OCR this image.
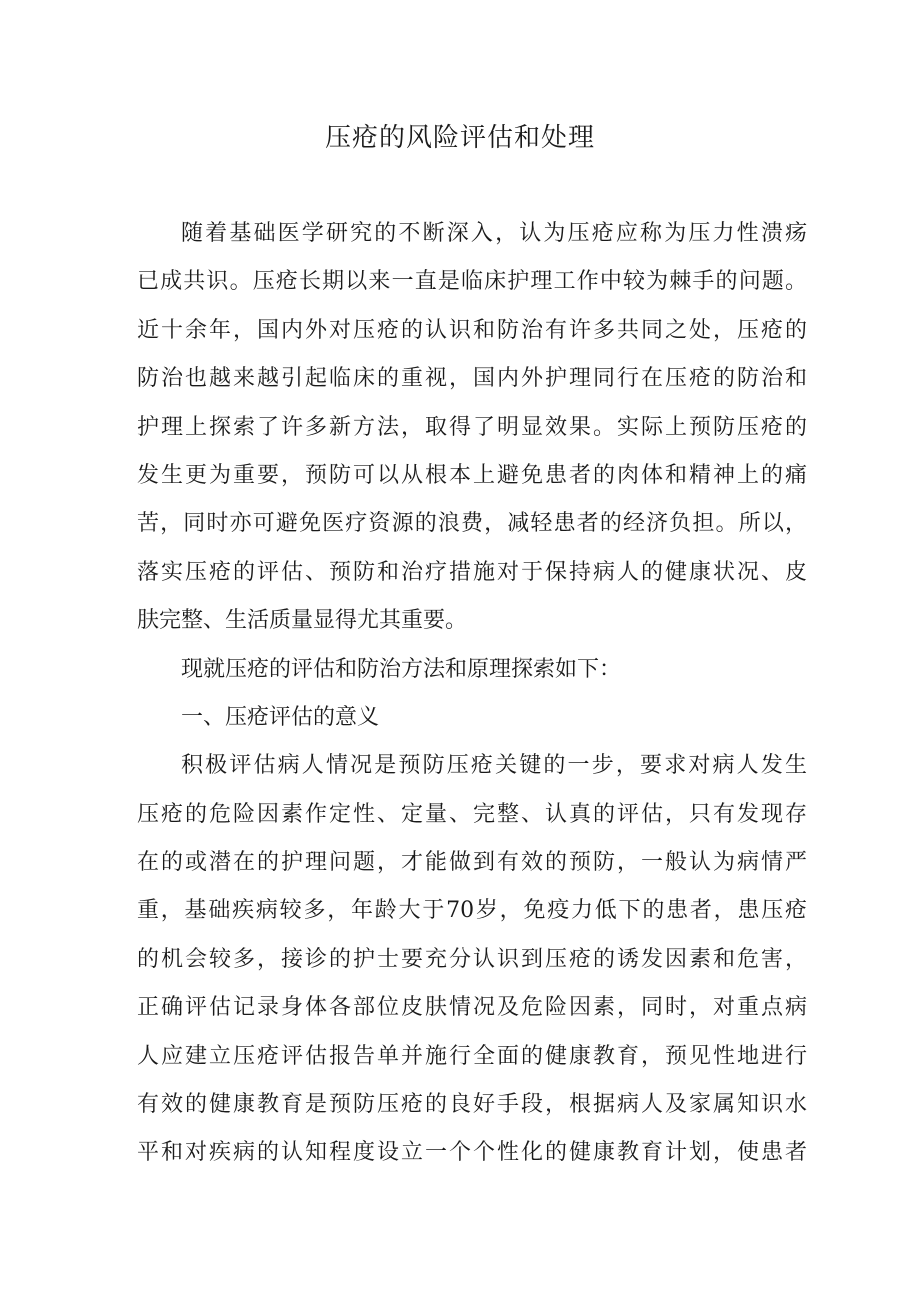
压疮的风险评估和处理
随着基础医学研究的不断深入，认为压疮应称为压力性溃疡
已成共识。压疮长期以来一直是临床护理工作中较为棘手的问题。
近十余年，国内外对压疮的认识和防治有许多共同之处，压疮的
防治也越来越引起临床的重视，国内外护理同行在压疮的防治和
护理上探索了许多新方法，取得了明显效果。实际上预防压疮的
发生更为重要，预防可以从根本上避免患者的肉体和精神上的痛
苦，同时亦可避免医疗资源的浪费，减轻患者的经济负担。所以，
落实压疮的评估、预防和治疗措施对于保持病人的健康状况、皮
肤完整、生活质量显得尤其重要。
现就压疮的评估和防治方法和原理探索如下：
一、压疮评估的意义
积极评估病人情况是预防压疮关键的一步，要求对病人发生
压疮的危险因素作定性、定量、完整、认真的评估，只有发现存
在的或潜在的护理问题，才能做到有效的预防，一般认为病情严
重，基础疾病较多，年龄大于70岁，免疫力低下的患者，患压疮
的机会较多，接诊的护士要充分认识到压疮的诱发因素和危害，
正确评估记录身体各部位皮肤情况及危险因素，同时，对重点病
人应建立压疮评估报告单并施行全面的健康教育，预见性地进行
有效的健康教育是预防压疮的良好手段，根据病人及家属知识水
平和对疾病的认知程度设立一个个性化的健康教育计划，使患者
